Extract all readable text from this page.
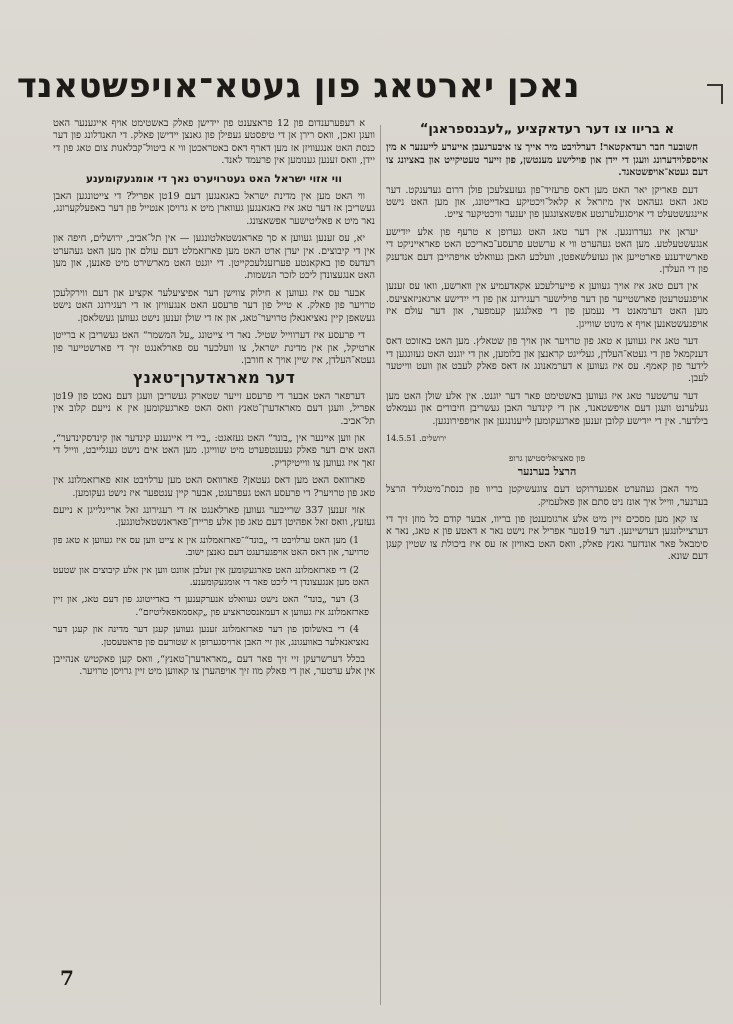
נאכן יארטאג פון געטא־אויפשטאנד
א בריוו צו דער רעדאקציע „לעבנספראגן“

חשובער חבר רעדאקטאר! דערלויבט מיר אייך צו איבערגעבן אייערע לייענער א מין אויספלוידערונג וועגן די יידן און פוילישע מענטשן, פון זייער טעטיקייט און באציונג צו דעם געטא־אויפשטאנד.

דעם פאריקן יאר האט מען דאס פרעזיד־פון געזעצלעכן פולן דרום געדענקט. דער טאג האט געהאט אין מיזראל א קלאל־ויכטיקע באדייטונג, און מען האט נישט איינגעשטעלט די אויסגעלערנטע אפשאצונגען פון יענער וויכטיקער צייט.

יעראן איז געדרונגען. אין דער טאג האט גערופן א טרעף פון אלע ייִדישע אנגעשטעלטע. מען האט געהערט ווי א ערשטע פרעסע־באריכט האט פאראייניקט די פארשידענע פארטייען און געזעלשאפטן, וועלכע האבן געוואלט אויפהייבן דעם אנדענק פון די העלדן.

אין דעם טאג איז אויך געווען א פייערלעכע אקאדעמיע אין ווארשע, וואו עס זענען אויפגעטרעטן פארשטייער פון דער פוילישער רעגירונג און פון די ייִדישע ארגאניזאציעס. מען האט דערמאנט די נעמען פון די פאלנגען קעמפער, און דער עולם איז אויפגעשטאנען אויף א מינוט שווייגן.

דער טאג איז געווען א טאג פון טרויער און אויך פון שטאלץ. מען האט באזוכט דאס דענקמאל פון די געטא־העלדן, געלייגט קראנצן און בלומען, און די יוגנט האט געזונגען די לידער פון קאמף. עס איז געווען א דערמאנונג אז דאס פאלק לעבט און וועט ווייטער לעבן.

דער ערשטער טאג איז געווען באשטימט פאר דער יוגנט. אין אלע שולן האט מען געלערנט וועגן דעם אויפשטאנד, און די קינדער האבן געשריבן חיבורים און געמאלט בילדער. אין די ייִדישע קלובן זענען פארגעקומען לייענונגען און אויפפירונגען.

ירושלים. 14.5.51
פון סאציאליסטישן גרופ
הרצל בערנער

מיר האבן געהערט אפגעדרוקט דעם צוגעשיקטן בריוו פון כנסת־מיטגליד הרצל בערנער, ווייל איך אונז ניט סתם און פאלעמיק.

צו קאן מען מסכים זיין מיט אלע ארגומענטן פון בריוו, אבער קודם כל מוזן זיך די דערציילונגען דערשיינען. דער 19טער אפריל איז נישט נאר א דאטע פון א טאג, נאר א סימבאל פאר אונדזער גאנץ פאלק, וואס האט באוויזן אז עס איז ביכולת צו שטיין קעגן דעם שונא.

א רעפערענדום פון 12 פראצענט פון יידישן פאלק באשטימט אויף אייגענער האט וועגן זאכן, וואס רירן אן די טיפסטע געפילן פון גאנצן יידישן פאלק. די האנדלונג פון דער כנסת האט אנגעוויזן אז מען דארף דאס באטראכטן ווי א ביטול־קבלאנות צום טאג פון די יידן, וואס זענען גענומען אין פרעמד לאנד.

ווי אזוי ישראל האט געטרויערט נאך די אומגעקומענע

ווי האט מען אין מדינת ישראל באגאנגען דעם 19טן אפריל? די צייטונגען האבן געשריבן אז דער טאג איז באגאנגען געווארן מיט א גרויסן אנטייל פון דער באפעלקערונג, נאר מיט א פאליטישער אפשאצונג.

יא, עס זענען געווען א סך פאראנשטאלטונגען — אין תל־אביב, ירושלים, חיפה און אין די קיבוצים. אין יעדן ארט האט מען פארזאמלט דעם עולם און מען האט געהערט רעדעס פון באקאנטע פערזענלעכקייטן. די יוגנט האט מארשירט מיט פאנען, און מען האט אנגעצונדן ליכט לזכר הנשמות.

אבער עס איז געווען א חילוק צווישן דער אפיציעלער אקציע און דעם ווירקלעכן טרויער פון פאלק. א טייל פון דער פרעסע האט אנגעוויזן אז די רעגירונג האט נישט געשאפן קיין נאציאנאלן טרויער־טאג, און אז די שולן זענען נישט געווען געשלאסן.

די פרעסע איז דערווייל שטיל. נאר די צייטונג „על המשמר“ האט געשריבן א ברייטן ארטיקל, און אין מדינת ישראל, צו וועלכער עס פארלאנגט זיך די פארשטייער פון געטא־העלדן, איז שיין אויך א חורבן.

דער מאראדערן־טאנץ

דערפאר האט אבער די פרעסע זייער שטארק געשריבן וועגן דעם נאכט פון 19טן אפריל, וועגן דעם מאראדערן־טאנץ וואס האט פארגעקומען אין א נייעם קלוב אין תל־אביב.

און ווען איינער אין „בונד“ האט געזאגט: „ביי די אייגענע קינדער און קינדסקינדער“, האט אים דער פאלק געענטפערט מיט שווייגן. מען האט אים נישט געגלייבט, ווייל די זאך איז געווען צו ווייטיקדיק.

פארוואס האט מען דאס געטאן? פארוואס האט מען ערלויבט אזא פארזאמלונג אין טאג פון טרויער? די פרעסע האט געפרעגט, אבער קיין ענטפער איז נישט געקומען.

אזוי זענען 337 שרייבער געווען פארלאנגט אז די רעגירונג זאל אריינלייגן א נייעם געזעץ, וואס זאל אפהיטן דעם טאג פון אלע פריידן־פאראנשטאלטונגען.

1) מען האט ערלויבט די „בונד“־פארזאמלונג אין א צייט ווען עס איז געווען א טאג פון טרויער, און דאס האט אויפגערעגט דעם גאנצן ישוב.

2) די פארזאמלונג האט פארגעקומען אין זעלבן אוונט ווען אין אלע קיבוצים און שטעט האט מען אנגעצונדן די ליכט פאר די אומגעקומענע.

3) דער „בונד“ האט נישט געוואלט אנערקענען די באדייטונג פון דעם טאג, און זיין פארזאמלונג איז געווען א דעמאנסטראציע פון „קאסמאפאליטיזם“.

4) די באשלוסן פון דער פארזאמלונג זענען געווען קעגן דער מדינה און קעגן דער נאציאנאלער באוועגונג, און זיי האבן ארויסגערופן א שטורעם פון פראטעסטן.

בכלל דערשרעקן זיי זיך פאר דעם „מאראדערן־טאנץ“, וואס קען פאקטיש אנהייבן אין אלע ערטער, און די פאלק מוז זיך אויפהערן צו קאווען מיט זיין גרויסן טרויער.

7
